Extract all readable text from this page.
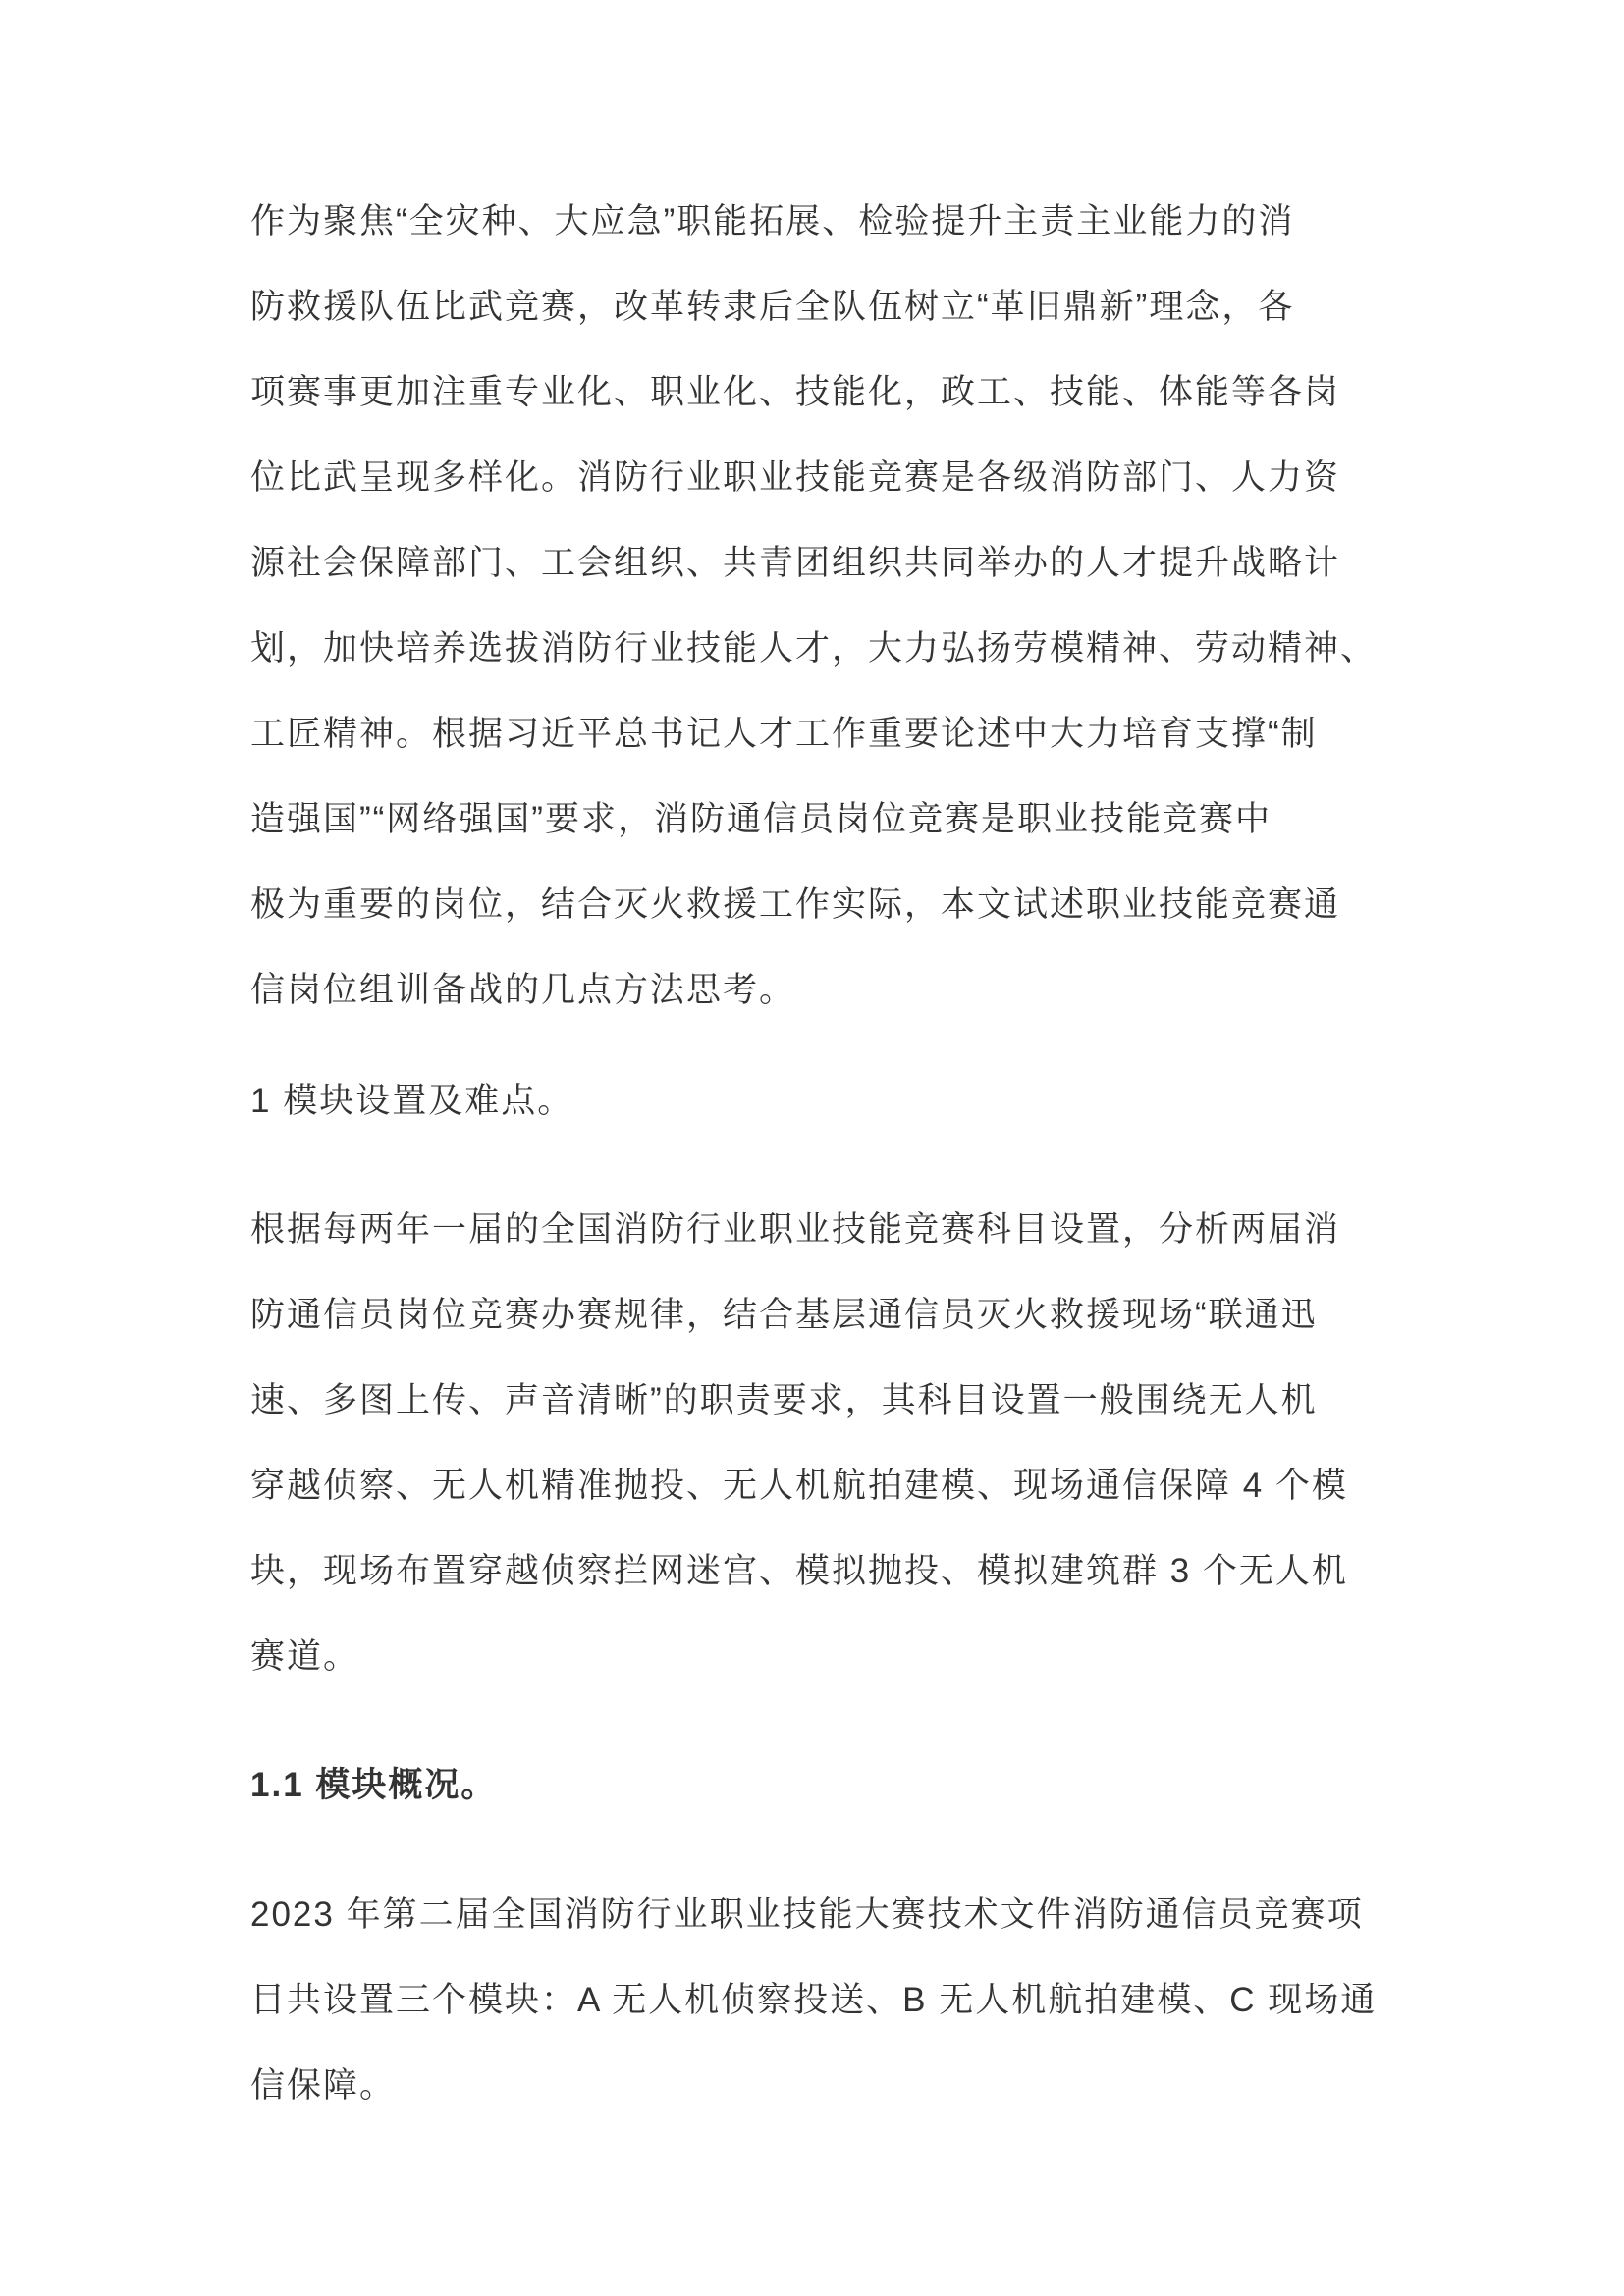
作为聚焦“全灾种、大应急”职能拓展、检验提升主责主业能力的消
防救援队伍比武竞赛，改革转隶后全队伍树立“革旧鼎新”理念，各
项赛事更加注重专业化、职业化、技能化，政工、技能、体能等各岗
位比武呈现多样化。消防行业职业技能竞赛是各级消防部门、人力资
源社会保障部门、工会组织、共青团组织共同举办的人才提升战略计
划，加快培养选拔消防行业技能人才，大力弘扬劳模精神、劳动精神、
工匠精神。根据习近平总书记人才工作重要论述中大力培育支撑“制
造强国”“网络强国”要求，消防通信员岗位竞赛是职业技能竞赛中
极为重要的岗位，结合灭火救援工作实际，本文试述职业技能竞赛通
信岗位组训备战的几点方法思考。
1 模块设置及难点。
根据每两年一届的全国消防行业职业技能竞赛科目设置，分析两届消
防通信员岗位竞赛办赛规律，结合基层通信员灭火救援现场“联通迅
速、多图上传、声音清晰”的职责要求，其科目设置一般围绕无人机
穿越侦察、无人机精准抛投、无人机航拍建模、现场通信保障 4 个模
块，现场布置穿越侦察拦网迷宫、模拟抛投、模拟建筑群 3 个无人机
赛道。
1.1 模块概况。
2023 年第二届全国消防行业职业技能大赛技术文件消防通信员竞赛项
目共设置三个模块：A 无人机侦察投送、B 无人机航拍建模、C 现场通
信保障。
